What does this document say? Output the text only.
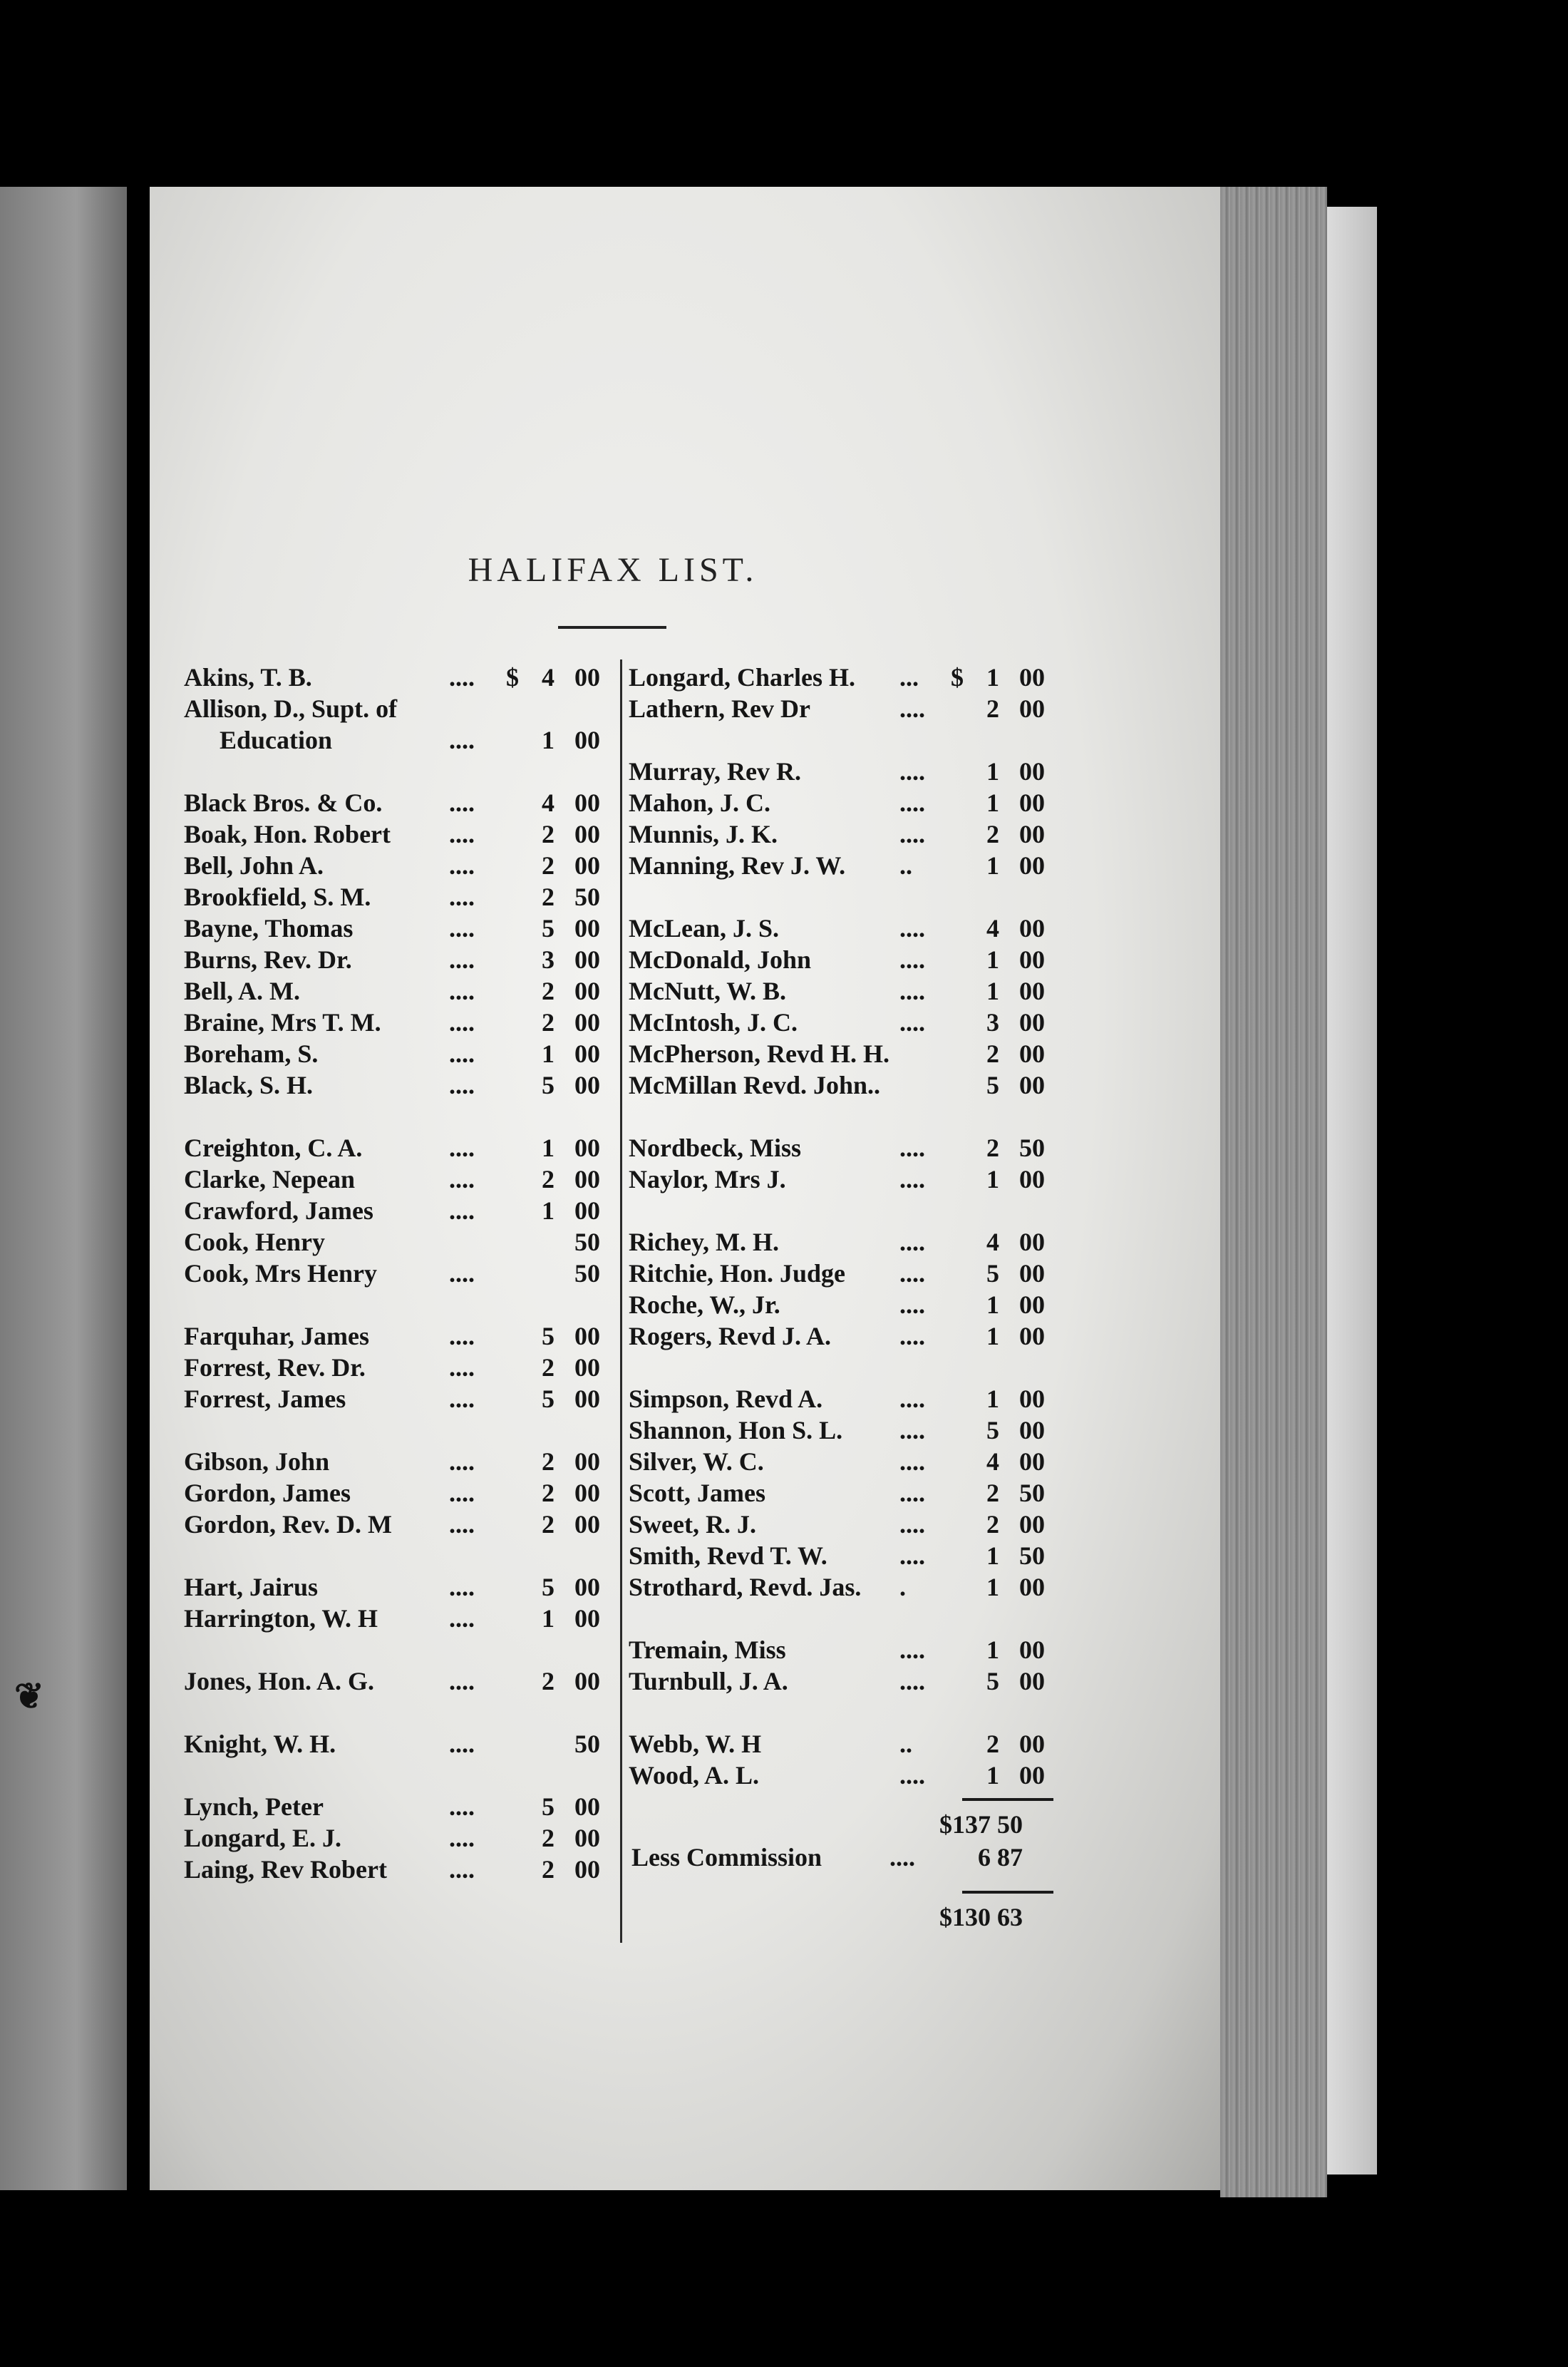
❦
HALIFAX LIST.
Akins, T. B.	.... $ 4 00
Allison, D., Supt. of
Education	....	1 00
Black Bros. & Co.	....	4 00
Boak, Hon. Robert ....	2 00
Bell, John A.	....	2 00
Brookfield, S. M.	....	2 50
Bayne, Thomas	....	5 00
Burns, Rev. Dr.	....	3 00
Bell, A. M.	....	2 00
Braine, Mrs T. M.	....	2 00
Boreham, S.	....	1 00
Black, S. H.	....	5 00
Creighton, C. A.	....	1 00
Clarke, Nepean	....	2 00
Crawford, James	....	1 00
Cook, Henry	50
Cook, Mrs Henry	....	50
Farquhar, James	....	5 00
Forrest, Rev. Dr.	....	2 00
Forrest, James	....	5 00
Gibson, John	....	2 00
Gordon, James	....	2 00
Gordon, Rev. D. M ....	2 00
Hart, Jairus	....	5 00
Harrington, W. H	....	1 00
Jones, Hon. A. G.	....	2 00
Knight, W. H.	....	50
Lynch, Peter	....	5 00
Longard, E. J.	....	2 00
Laing, Rev Robert ....	2 00
Longard, Charles H. ... $ 1 00
Lathern, Rev Dr	....	2 00
Murray, Rev R.	....	1 00
Mahon, J. C.	....	1 00
Munnis, J. K.	....	2 00
Manning, Rev J. W. ..	1 00
McLean, J. S.	....	4 00
McDonald, John	....	1 00
McNutt, W. B.	....	1 00
McIntosh, J. C.	....	3 00
McPherson, Revd H. H.	2 00
McMillan Revd. John..	5 00
Nordbeck, Miss	....	2 50
Naylor, Mrs J.	....	1 00
Richey, M. H.	....	4 00
Ritchie, Hon. Judge ....	5 00
Roche, W., Jr.	....	1 00
Rogers, Revd J. A.	....	1 00
Simpson, Revd A.	....	1 00
Shannon, Hon S. L. ....	5 00
Silver, W. C.	....	4 00
Scott, James	....	2 50
Sweet, R. J.	....	2 00
Smith, Revd T. W.	....	1 50
Strothard, Revd. Jas. .	1 00
Tremain, Miss	....	1 00
Turnbull, J. A.	....	5 00
Webb, W. H	..	2 00
Wood, A. L.	....	1 00
$137 50
Less Commission	.... 6 87
$130 63
